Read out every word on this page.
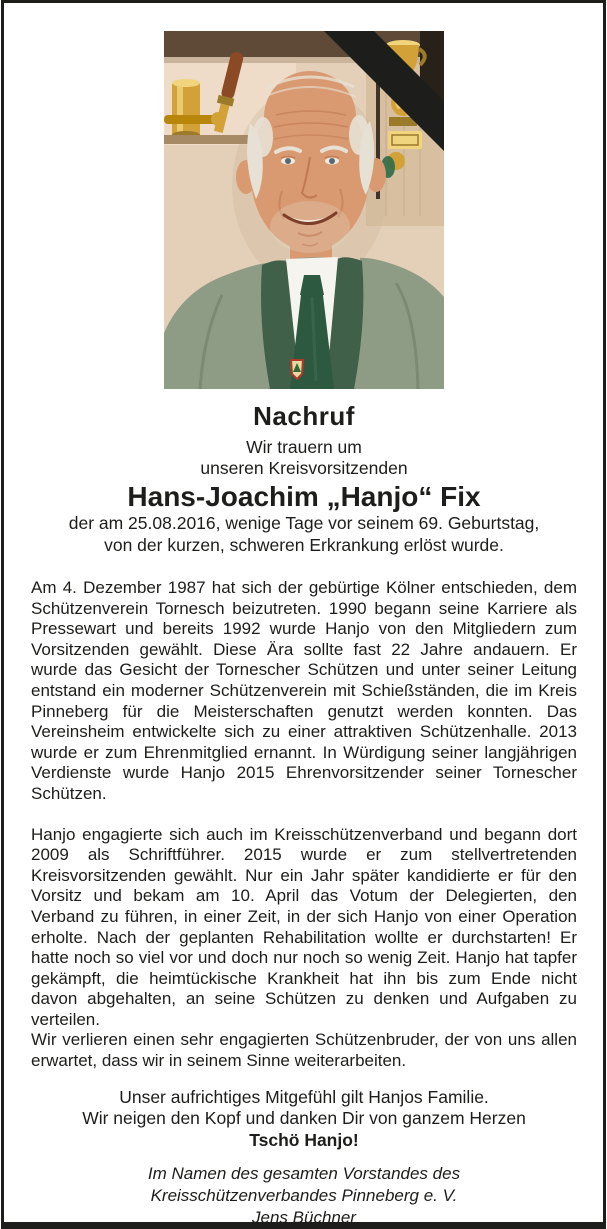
Nachruf
Wir trauern um
unseren Kreisvorsitzenden
Hans-Joachim „Hanjo“ Fix
der am 25.08.2016, wenige Tage vor seinem 69. Geburtstag,
von der kurzen, schweren Erkrankung erlöst wurde.

Am 4. Dezember 1987 hat sich der gebürtige Kölner entschieden, dem Schützenverein Tornesch beizutreten. 1990 begann seine Karriere als Pressewart und bereits 1992 wurde Hanjo von den Mitgliedern zum Vorsitzenden gewählt. Diese Ära sollte fast 22 Jahre andauern. Er wurde das Gesicht der Tornescher Schützen und unter seiner Leitung entstand ein moderner Schützenverein mit Schießständen, die im Kreis Pinneberg für die Meisterschaften genutzt werden konnten. Das Vereinsheim entwickelte sich zu einer attraktiven Schützenhalle. 2013 wurde er zum Ehrenmitglied ernannt. In Würdigung seiner langjährigen Verdienste wurde Hanjo 2015 Ehrenvorsitzender seiner Tornescher Schützen.

Hanjo engagierte sich auch im Kreisschützenverband und begann dort 2009 als Schriftführer. 2015 wurde er zum stellvertretenden Kreisvorsitzenden gewählt. Nur ein Jahr später kandidierte er für den Vorsitz und bekam am 10. April das Votum der Delegierten, den Verband zu führen, in einer Zeit, in der sich Hanjo von einer Operation erholte. Nach der geplanten Rehabilitation wollte er durchstarten! Er hatte noch so viel vor und doch nur noch so wenig Zeit. Hanjo hat tapfer gekämpft, die heimtückische Krankheit hat ihn bis zum Ende nicht davon abgehalten, an seine Schützen zu denken und Aufgaben zu verteilen.

Wir verlieren einen sehr engagierten Schützenbruder, der von uns allen erwartet, dass wir in seinem Sinne weiterarbeiten.

Unser aufrichtiges Mitgefühl gilt Hanjos Familie.
Wir neigen den Kopf und danken Dir von ganzem Herzen
Tschö Hanjo!
Im Namen des gesamten Vorstandes des
Kreisschützenverbandes Pinneberg e. V.
Jens Büchner
